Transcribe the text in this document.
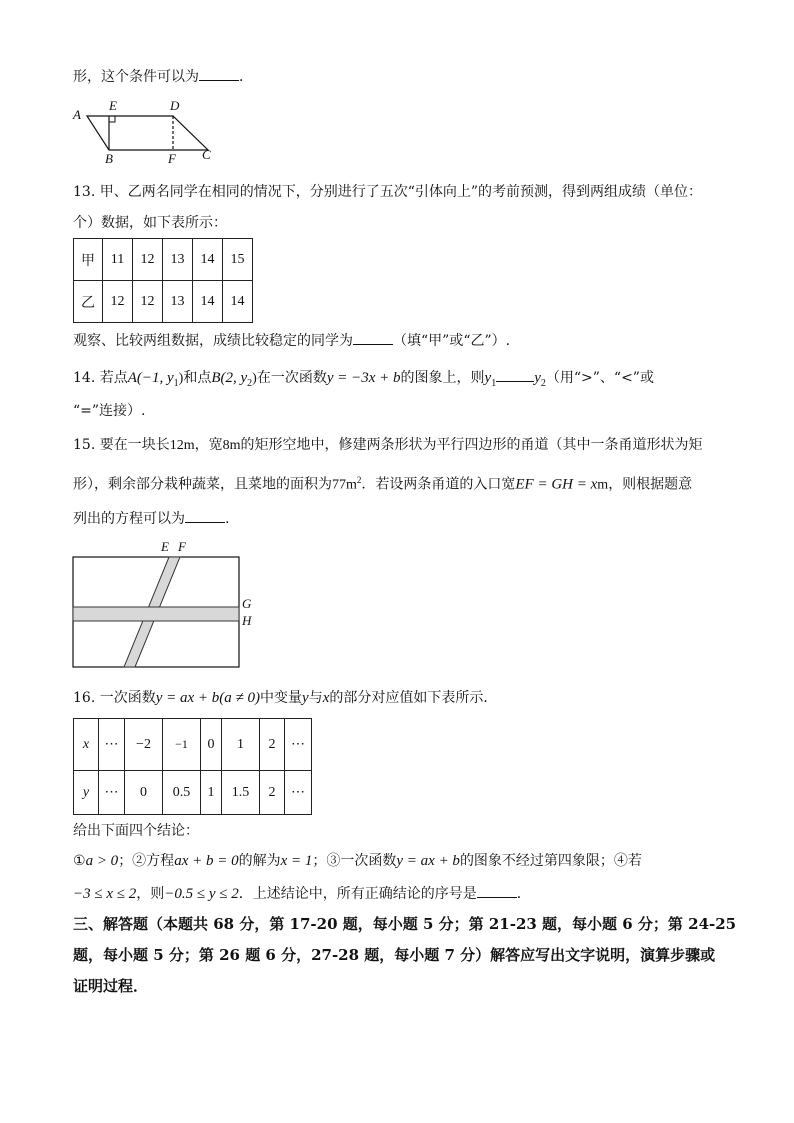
形，这个条件可以为	．
A
E	D
B	F C
13. 甲、乙两名同学在相同的情况下，分别进行了五次“引体向上”的考前预测，得到两组成绩（单位：
个）数据，如下表所示：
甲	11	12	13	14	15
乙	12	12	13	14	14
观察、比较两组数据，成绩比较稳定的同学为	（填“甲”或“乙”）.
14. 若点A(−1, $y_1$)和点B(2, $y_2$)在一次函数y = −3x + b的图象上，则$y_1$	$y_2$（用“>”、“<”或
“=”连接）.
15. 要在一块长12m，宽8m的矩形空地中，修建两条形状为平行四边形的甬道（其中一条甬道形状为矩
形），剩余部分栽种蔬菜，且菜地的面积为$77m^2$．若设两条甬道的入口宽EF = GH = xm，则根据题意
列出的方程可以为	.
E F
G
H
16. 一次函数y = ax + b(a ≠ 0)中变量y与x的部分对应值如下表所示．
x	⋯	−2	−1	0	1	2	⋯
y	⋯	0	0.5	1	1.5	2	⋯
给出下面四个结论：
①a > 0；②方程ax + b = 0的解为x = 1；③一次函数y = ax + b的图象不经过第四象限；④若
−3 ≤ x ≤ 2，则−0.5 ≤ y ≤ 2．上述结论中，所有正确结论的序号是	．
三、解答题（本题共 68 分，第 17-20 题，每小题 5 分；第 21-23 题，每小题 6 分；第 24-25
题，每小题 5 分；第 26 题 6 分，27-28 题，每小题 7 分）解答应写出文字说明，演算步骤或
证明过程．
